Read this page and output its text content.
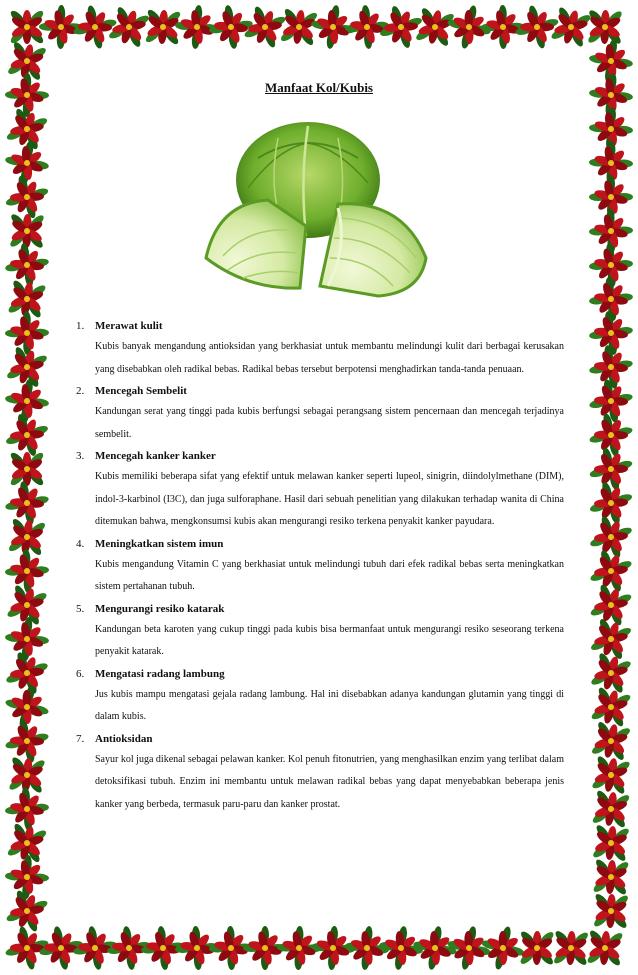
Manfaat Kol/Kubis
1. Merawat kulit

Kubis banyak mengandung antioksidan yang berkhasiat untuk membantu melindungi kulit dari berbagai kerusakan yang disebabkan oleh radikal bebas. Radikal bebas tersebut berpotensi menghadirkan tanda-tanda penuaan.

2. Mencegah Sembelit

Kandungan serat yang tinggi pada kubis berfungsi sebagai perangsang sistem pencernaan dan mencegah terjadinya sembelit.

3. Mencegah kanker kanker

Kubis memiliki beberapa sifat yang efektif untuk melawan kanker seperti lupeol, sinigrin, diindolylmethane (DIM), indol-3-karbinol (I3C), dan juga sulforaphane. Hasil dari sebuah penelitian yang dilakukan terhadap wanita di China ditemukan bahwa, mengkonsumsi kubis akan mengurangi resiko terkena penyakit kanker payudara.

4. Meningkatkan sistem imun

Kubis mengandung Vitamin C yang berkhasiat untuk melindungi tubuh dari efek radikal bebas serta meningkatkan sistem pertahanan tubuh.

5. Mengurangi resiko katarak

Kandungan beta karoten yang cukup tinggi pada kubis bisa bermanfaat untuk mengurangi resiko seseorang terkena penyakit katarak.

6. Mengatasi radang lambung

Jus kubis mampu mengatasi gejala radang lambung. Hal ini disebabkan adanya kandungan glutamin yang tinggi di dalam kubis.

7. Antioksidan

Sayur kol juga dikenal sebagai pelawan kanker. Kol penuh fitonutrien, yang menghasilkan enzim yang terlibat dalam detoksifikasi tubuh. Enzim ini membantu untuk melawan radikal bebas yang dapat menyebabkan beberapa jenis kanker yang berbeda, termasuk paru-paru dan kanker prostat.
